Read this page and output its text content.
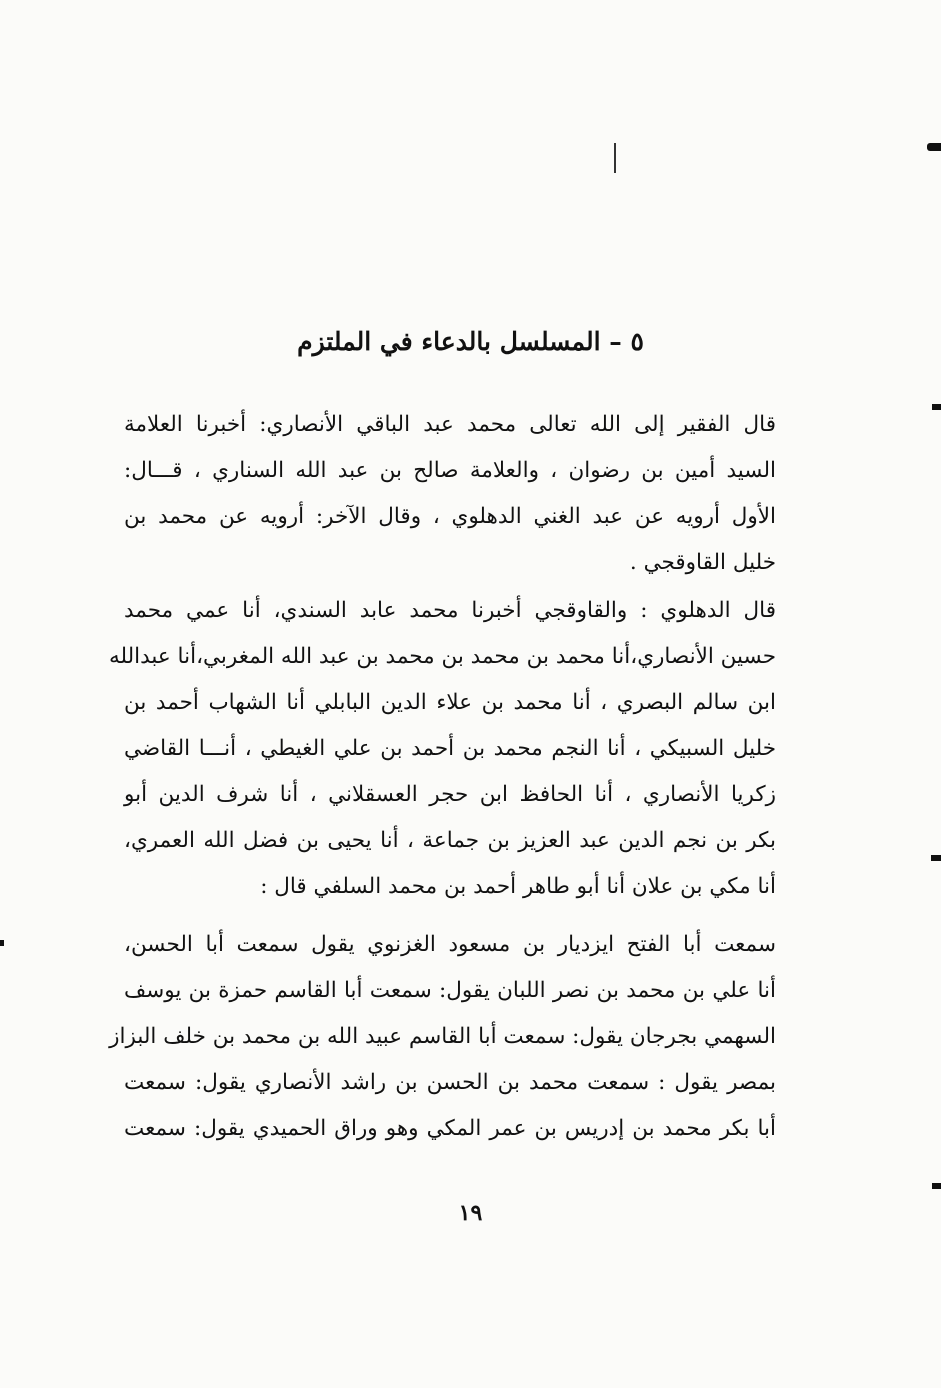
٥ – المسلسل بالدعاء في الملتزم
قال الفقير إلى الله تعالى محمد عبد الباقي الأنصاري: أخبرنا العلامة
السيد أمين بن رضوان ، والعلامة صالح بن عبد الله السناري ، قـــال:
الأول أرويه عن عبد الغني الدهلوي ، وقال الآخر: أرويه عن محمد بن
خليل القاوقجي .
قال الدهلوي : والقاوقجي أخبرنا محمد عابد السندي، أنا عمي محمد
حسين الأنصاري،أنا محمد بن محمد بن محمد بن عبد الله المغربي،أنا عبدالله
ابن سالم البصري ، أنا محمد بن علاء الدين البابلي أنا الشهاب أحمد بن
خليل السبيكي ، أنا النجم محمد بن أحمد بن علي الغيطي ، أنـــا القاضي
زكريا الأنصاري ، أنا الحافظ ابن حجر العسقلاني ، أنا شرف الدين أبو
بكر بن نجم الدين عبد العزيز بن جماعة ، أنا يحيى بن فضل الله العمري،
أنا مكي بن علان أنا أبو طاهر أحمد بن محمد السلفي قال :
سمعت أبا الفتح ايزديار بن مسعود الغزنوي يقول سمعت أبا الحسن،
أنا علي بن محمد بن نصر اللبان يقول: سمعت أبا القاسم حمزة بن يوسف
السهمي بجرجان يقول: سمعت أبا القاسم عبيد الله بن محمد بن خلف البزاز
بمصر يقول : سمعت محمد بن الحسن بن راشد الأنصاري يقول: سمعت
أبا بكر محمد بن إدريس بن عمر المكي وهو وراق الحميدي يقول: سمعت
١٩
